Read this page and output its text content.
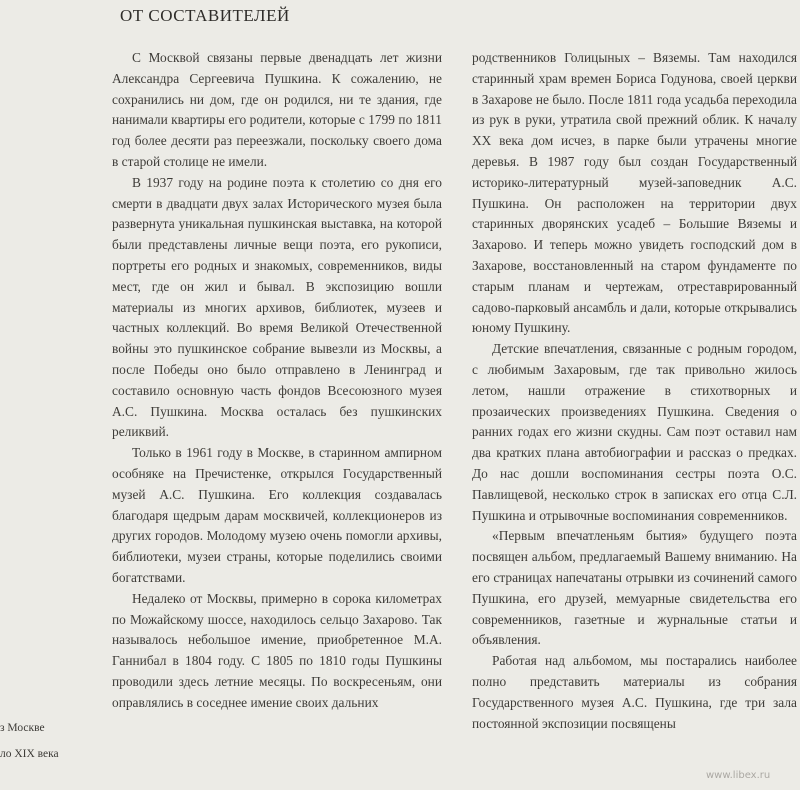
ОТ СОСТАВИТЕЛЕЙ

С Москвой связаны первые двенадцать лет жизни Александра Сергеевича Пушкина. К сожалению, не сохранились ни дом, где он родился, ни те здания, где нанимали квартиры его родители, которые с 1799 по 1811 год более десяти раз переезжали, поскольку своего дома в старой столице не имели.

В 1937 году на родине поэта к столетию со дня его смерти в двадцати двух залах Исторического музея была развернута уникальная пушкинская выставка, на которой были представлены личные вещи поэта, его рукописи, портреты его родных и знакомых, современников, виды мест, где он жил и бывал. В экспозицию вошли материалы из многих архивов, библиотек, музеев и частных коллекций. Во время Великой Отечественной войны это пушкинское собрание вывезли из Москвы, а после Победы оно было отправлено в Ленинград и составило основную часть фондов Всесоюзного музея А.С. Пушкина. Москва осталась без пушкинских реликвий.

Только в 1961 году в Москве, в старинном ампирном особняке на Пречистенке, открылся Государственный музей А.С. Пушкина. Его коллекция создавалась благодаря щедрым дарам москвичей, коллекционеров из других городов. Молодому музею очень помогли архивы, библиотеки, музеи страны, которые поделились своими богатствами.

Недалеко от Москвы, примерно в сорока километрах по Можайскому шоссе, находилось сельцо Захарово. Так называлось небольшое имение, приобретенное М.А. Ганнибал в 1804 году. С 1805 по 1810 годы Пушкины проводили здесь летние месяцы. По воскресеньям, они оправлялись в соседнее имение своих дальних

родственников Голицыных – Вяземы. Там находился старинный храм времен Бориса Годунова, своей церкви в Захарове не было. После 1811 года усадьба переходила из рук в руки, утратила свой прежний облик. К началу XX века дом исчез, в парке были утрачены многие деревья. В 1987 году был создан Государственный историко-литературный музей-заповедник А.С. Пушкина. Он расположен на территории двух старинных дворянских усадеб – Большие Вяземы и Захарово. И теперь можно увидеть господский дом в Захарове, восстановленный на старом фундаменте по старым планам и чертежам, отреставрированный садово-парковый ансамбль и дали, которые открывались юному Пушкину.

Детские впечатления, связанные с родным городом, с любимым Захаровым, где так привольно жилось летом, нашли отражение в стихотворных и прозаических произведениях Пушкина. Сведения о ранних годах его жизни скудны. Сам поэт оставил нам два кратких плана автобиографии и рассказ о предках. До нас дошли воспоминания сестры поэта О.С. Павлищевой, несколько строк в записках его отца С.Л. Пушкина и отрывочные воспоминания современников.

«Первым впечатленьям бытия» будущего поэта посвящен альбом, предлагаемый Вашему вниманию. На его страницах напечатаны отрывки из сочинений самого Пушкина, его друзей, мемуарные свидетельства его современников, газетные и журнальные статьи и объявления.

Работая над альбомом, мы постарались наиболее полно представить материалы из собрания Государственного музея А.С. Пушкина, где три зала постоянной экспозиции посвящены

з Москве
ло XIX века
www.libex.ru
